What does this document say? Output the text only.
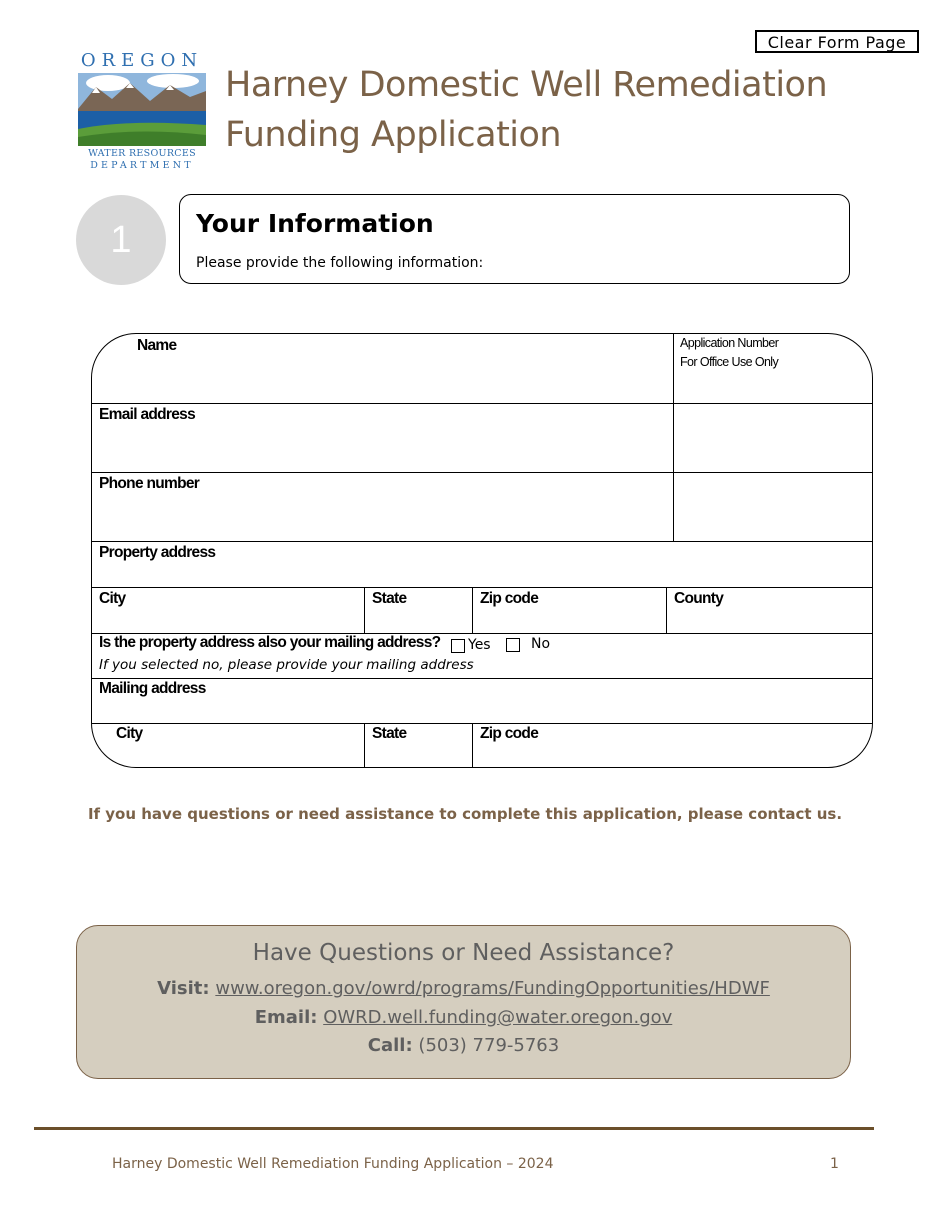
Clear Form Page
OREGON
WATER RESOURCES
DEPARTMENT
Harney Domestic Well Remediation
Funding Application
1	Your Information
Please provide the following information:
Name	Application Number
For Office Use Only
Email address
Phone number
Property address
City	State	Zip code	County
Is the property address also your mailing address? Yes	No
If you selected no, please provide your mailing address
Mailing address
City	State	Zip code
If you have questions or need assistance to complete this application, please contact us.
Have Questions or Need Assistance?
Visit: www.oregon.gov/owrd/programs/FundingOpportunities/HDWF
Email: OWRD.well.funding@water.oregon.gov
Call: (503) 779-5763
Harney Domestic Well Remediation Funding Application – 2024	1
